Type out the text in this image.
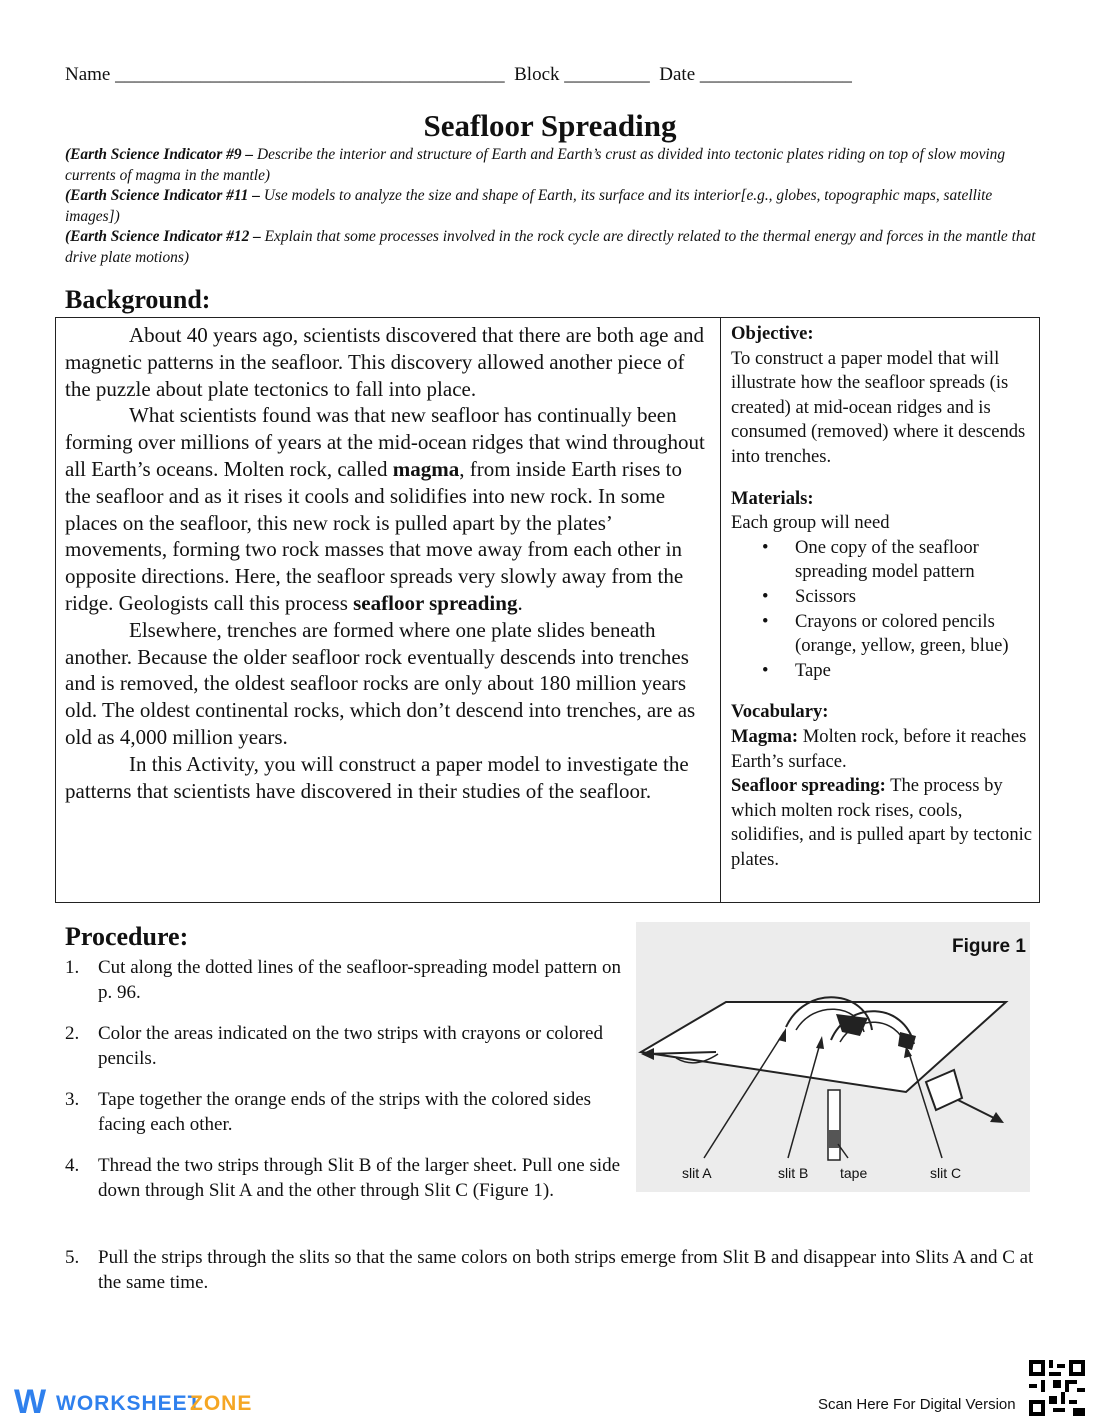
Name _________________________________________ Block _________ Date ________________
Seafloor Spreading
(Earth Science Indicator #9 – Describe the interior and structure of Earth and Earth’s crust as divided into tectonic plates riding on top of slow moving currents of magma in the mantle)
(Earth Science Indicator #11 – Use models to analyze the size and shape of Earth, its surface and its interior[e.g., globes, topographic maps, satellite images])
(Earth Science Indicator #12 – Explain that some processes involved in the rock cycle are directly related to the thermal energy and forces in the mantle that drive plate motions)
Background:

About 40 years ago, scientists discovered that there are both age and magnetic patterns in the seafloor. This discovery allowed another piece of the puzzle about plate tectonics to fall into place.

What scientists found was that new seafloor has continually been forming over millions of years at the mid-ocean ridges that wind throughout all Earth’s oceans. Molten rock, called magma, from inside Earth rises to the seafloor and as it rises it cools and solidifies into new rock. In some places on the seafloor, this new rock is pulled apart by the plates’ movements, forming two rock masses that move away from each other in opposite directions. Here, the seafloor spreads very slowly away from the ridge. Geologists call this process seafloor spreading.

Elsewhere, trenches are formed where one plate slides beneath another. Because the older seafloor rock eventually descends into trenches and is removed, the oldest seafloor rocks are only about 180 million years old. The oldest continental rocks, which don’t descend into trenches, are as old as 4,000 million years.

In this Activity, you will construct a paper model to investigate the patterns that scientists have discovered in their studies of the seafloor.

Objective:
To construct a paper model that will illustrate how the seafloor spreads (is created) at mid-ocean ridges and is consumed (removed) where it descends into trenches.
Materials:
Each group will need
• One copy of the seafloor spreading model pattern
• Scissors
• Crayons or colored pencils (orange, yellow, green, blue)
• Tape
Vocabulary:
Magma: Molten rock, before it reaches Earth’s surface.
Seafloor spreading: The process by which molten rock rises, cools, solidifies, and is pulled apart by tectonic plates.
Procedure:
1. Cut along the dotted lines of the seafloor-spreading model pattern on p. 96.
2. Color the areas indicated on the two strips with crayons or colored pencils.
3. Tape together the orange ends of the strips with the colored sides facing each other.
4. Thread the two strips through Slit B of the larger sheet. Pull one side down through Slit A and the other through Slit C (Figure 1).
5. Pull the strips through the slits so that the same colors on both strips emerge from Slit B and disappear into Slits A and C at the same time.
Figure 1
slit A	slit B tape	slit C
W WORKSHEET
ZONE	Scan Here For Digital Version
